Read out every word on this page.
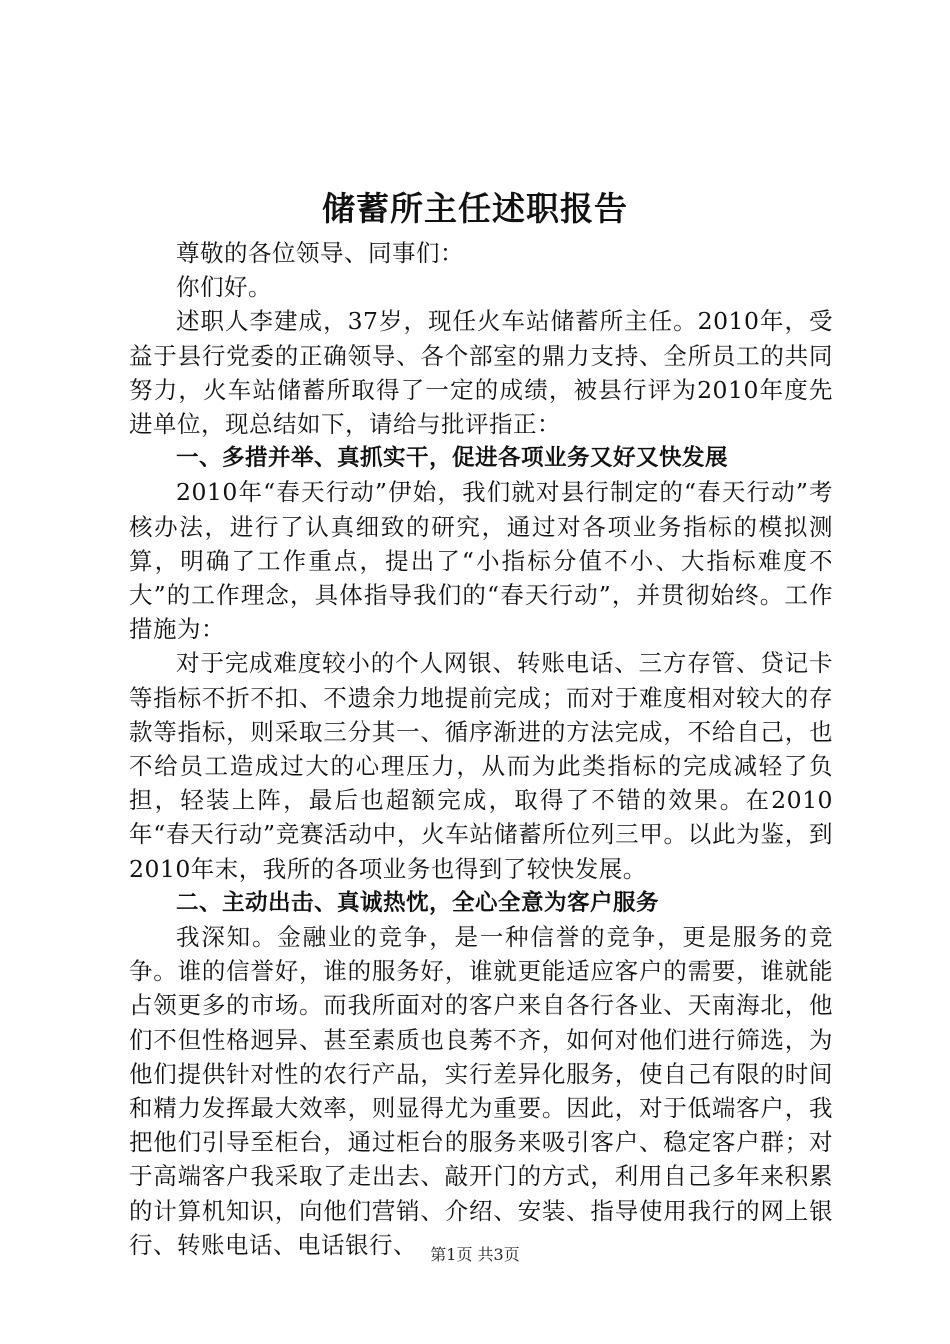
储蓄所主任述职报告

尊敬的各位领导、同事们：

你们好。

述职人李建成，37岁，现任火车站储蓄所主任。2010年，受益于县行党委的正确领导、各个部室的鼎力支持、全所员工的共同努力，火车站储蓄所取得了一定的成绩，被县行评为2010年度先进单位，现总结如下，请给与批评指正：

一、多措并举、真抓实干，促进各项业务又好又快发展

2010年“春天行动”伊始，我们就对县行制定的“春天行动”考核办法，进行了认真细致的研究，通过对各项业务指标的模拟测算，明确了工作重点，提出了“小指标分值不小、大指标难度不大”的工作理念，具体指导我们的“春天行动”，并贯彻始终。工作措施为：

对于完成难度较小的个人网银、转账电话、三方存管、贷记卡等指标不折不扣、不遗余力地提前完成；而对于难度相对较大的存款等指标，则采取三分其一、循序渐进的方法完成，不给自己，也不给员工造成过大的心理压力，从而为此类指标的完成减轻了负担，轻装上阵，最后也超额完成，取得了不错的效果。在2010年“春天行动”竞赛活动中，火车站储蓄所位列三甲。以此为鉴，到2010年末，我所的各项业务也得到了较快发展。

二、主动出击、真诚热忱，全心全意为客户服务

我深知。金融业的竞争，是一种信誉的竞争，更是服务的竞争。谁的信誉好，谁的服务好，谁就更能适应客户的需要，谁就能占领更多的市场。而我所面对的客户来自各行各业、天南海北，他们不但性格迥异、甚至素质也良莠不齐，如何对他们进行筛选，为他们提供针对性的农行产品，实行差异化服务，使自己有限的时间和精力发挥最大效率，则显得尤为重要。因此，对于低端客户，我把他们引导至柜台，通过柜台的服务来吸引客户、稳定客户群；对于高端客户我采取了走出去、敲开门的方式，利用自己多年来积累的计算机知识，向他们营销、介绍、安装、指导使用我行的网上银行、转账电话、电话银行、 第1页 共3页
